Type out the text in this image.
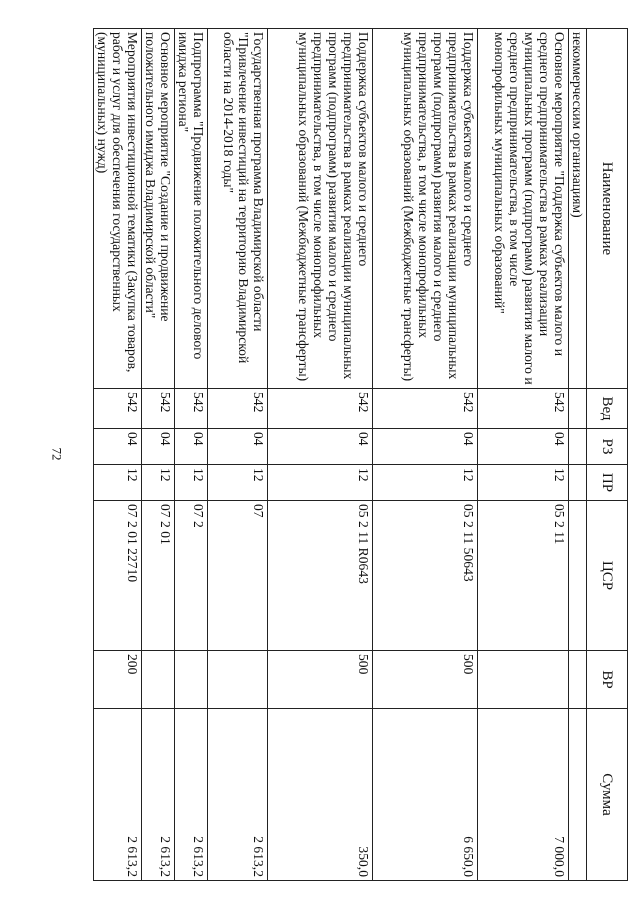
72
Наименование	Вед	РЗ	ПР	ЦСР	ВР	Сумма
некоммерческим организациям)						
Основное мероприятие "Поддержка субъектов малого и среднего предпринимательства в рамках реализации муниципальных программ (подпрограмм) развития малого и среднего предпринимательства, в том числе монопрофильных муниципальных образований"	542	04	12	05 2 11		7 000,0
Поддержка субъектов малого и среднего предпринимательства в рамках реализации муниципальных программ (подпрограмм) развития малого и среднего предпринимательства, в том числе монопрофильных муниципальных образований (Межбюджетные трансферты)	542	04	12	05 2 11 50643	500	6 650,0
Поддержка субъектов малого и среднего предпринимательства в рамках реализации муниципальных программ (подпрограмм) развития малого и среднего предпринимательства, в том числе монопрофильных муниципальных образований (Межбюджетные трансферты)	542	04	12	05 2 11 R0643	500	350,0
Государственная программа Владимирской области "Привлечение инвестиций на территорию Владимирской области на 2014-2018 годы"	542	04	12	07		2 613,2
Подпрограмма "Продвижение положительного делового имиджа региона"	542	04	12	07 2		2 613,2
Основное мероприятие "Создание и продвижение положительного имиджа Владимирской области"	542	04	12	07 2 01		2 613,2
Мероприятия инвестиционной тематики (Закупка товаров, работ и услуг для обеспечения государственных (муниципальных) нужд)	542	04	12	07 2 01 22710	200	2 613,2
